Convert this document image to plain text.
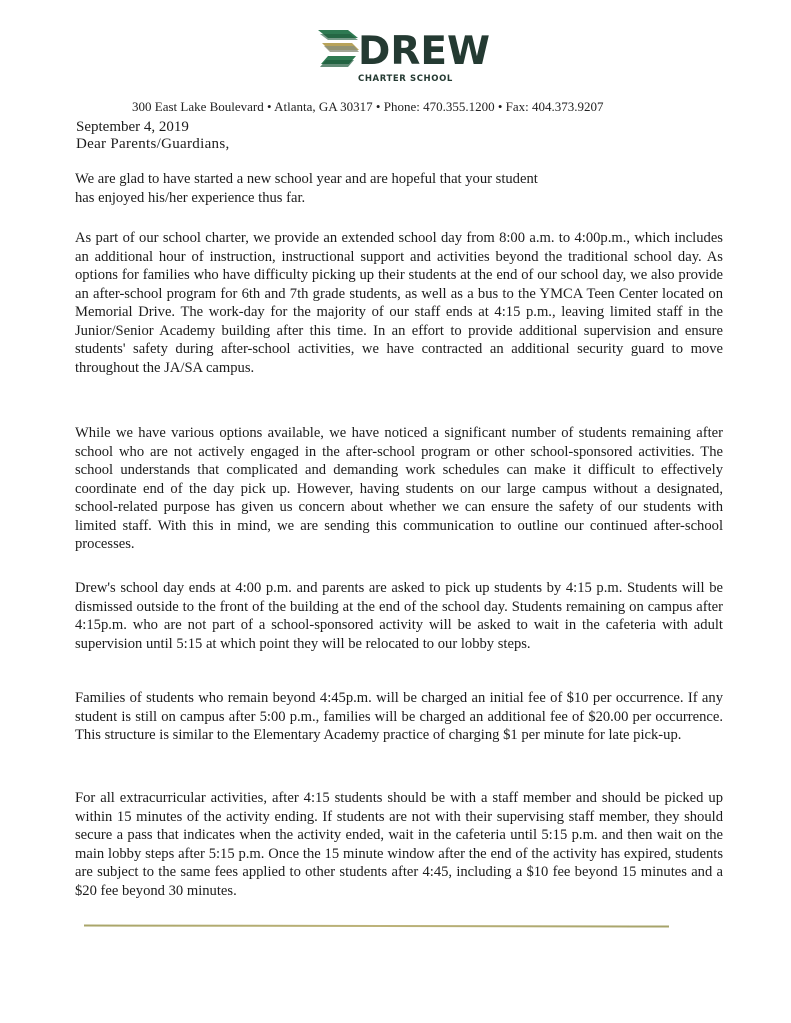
DREW
CHARTER SCHOOL
300 East Lake Boulevard • Atlanta, GA 30317 • Phone: 470.355.1200 • Fax: 404.373.9207
September 4, 2019
Dear Parents/Guardians,

We are glad to have started a new school year and are hopeful that your student has enjoyed his/her experience thus far.

As part of our school charter, we provide an extended school day from 8:00 a.m. to 4:00p.m., which includes an additional hour of instruction, instructional support and activities beyond the traditional school day. As options for families who have difficulty picking up their students at the end of our school day, we also provide an after-school program for 6th and 7th grade students, as well as a bus to the YMCA Teen Center located on Memorial Drive. The work-day for the majority of our staff ends at 4:15 p.m., leaving limited staff in the Junior/Senior Academy building after this time. In an effort to provide additional supervision and ensure students' safety during after-school activities, we have contracted an additional security guard to move throughout the JA/SA campus.

While we have various options available, we have noticed a significant number of students remaining after school who are not actively engaged in the after-school program or other school-sponsored activities. The school understands that complicated and demanding work schedules can make it difficult to effectively coordinate end of the day pick up. However, having students on our large campus without a designated, school-related purpose has given us concern about whether we can ensure the safety of our students with limited staff. With this in mind, we are sending this communication to outline our continued after-school processes.

Drew's school day ends at 4:00 p.m. and parents are asked to pick up students by 4:15 p.m. Students will be dismissed outside to the front of the building at the end of the school day. Students remaining on campus after 4:15p.m. who are not part of a school-sponsored activity will be asked to wait in the cafeteria with adult supervision until 5:15 at which point they will be relocated to our lobby steps.

Families of students who remain beyond 4:45p.m. will be charged an initial fee of $10 per occurrence. If any student is still on campus after 5:00 p.m., families will be charged an additional fee of $20.00 per occurrence. This structure is similar to the Elementary Academy practice of charging $1 per minute for late pick-up.

For all extracurricular activities, after 4:15 students should be with a staff member and should be picked up within 15 minutes of the activity ending. If students are not with their supervising staff member, they should secure a pass that indicates when the activity ended, wait in the cafeteria until 5:15 p.m. and then wait on the main lobby steps after 5:15 p.m. Once the 15 minute window after the end of the activity has expired, students are subject to the same fees applied to other students after 4:45, including a $10 fee beyond 15 minutes and a $20 fee beyond 30 minutes.
